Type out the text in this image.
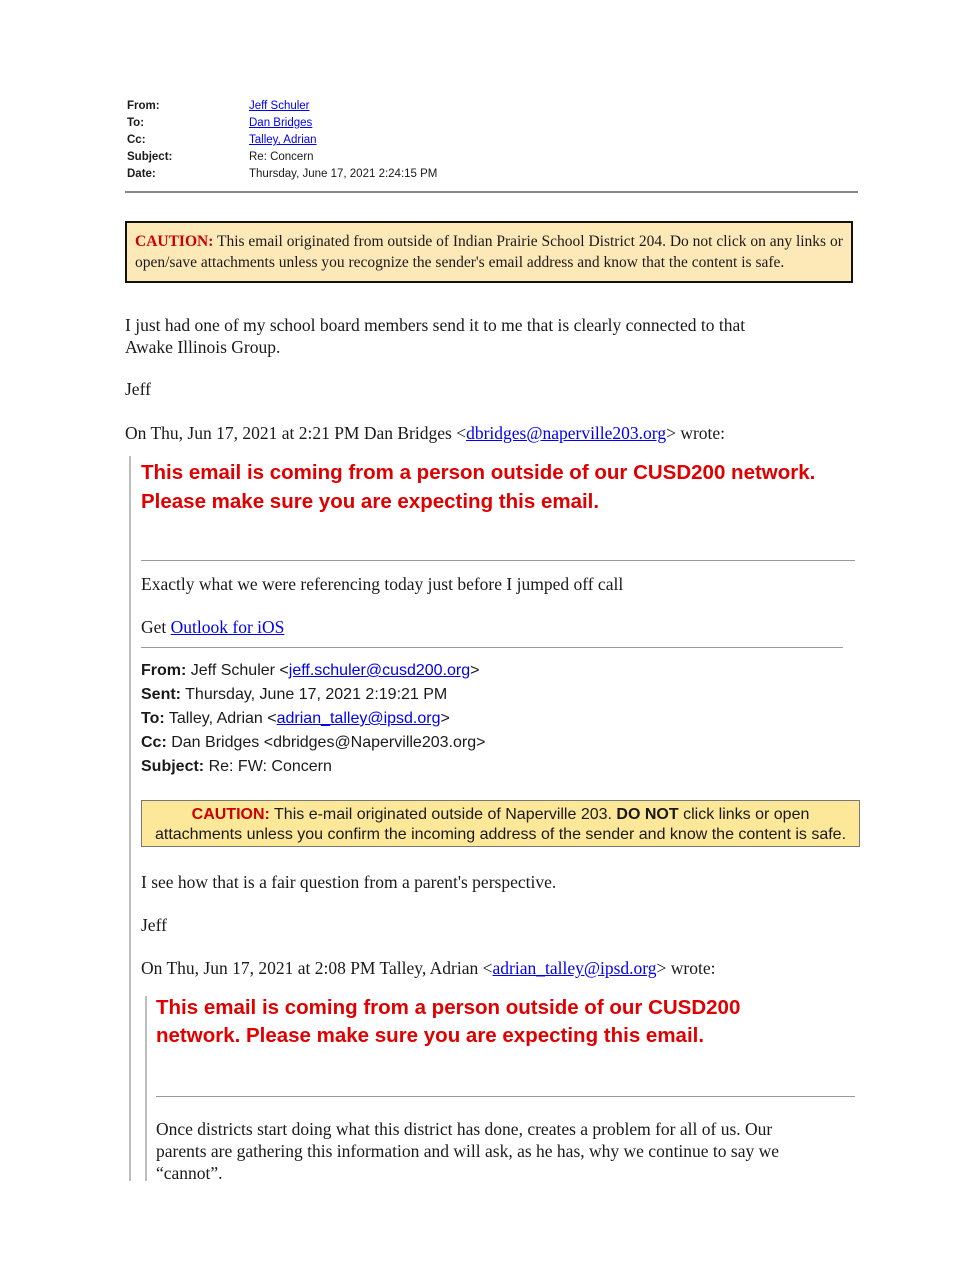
From:	Jeff Schuler
To:	Dan Bridges
Cc:	Talley, Adrian
Subject:	Re: Concern
Date:	Thursday, June 17, 2021 2:24:15 PM
CAUTION: This email originated from outside of Indian Prairie School District 204. Do not click on any links or open/save attachments unless you recognize the sender's email address and know that the content is safe.
I just had one of my school board members send it to me that is clearly connected to that
Awake Illinois Group.
Jeff
On Thu, Jun 17, 2021 at 2:21 PM Dan Bridges <dbridges@naperville203.org> wrote:
This email is coming from a person outside of our CUSD200 network.
Please make sure you are expecting this email.
Exactly what we were referencing today just before I jumped off call
Get Outlook for iOS
From: Jeff Schuler <jeff.schuler@cusd200.org>
Sent: Thursday, June 17, 2021 2:19:21 PM
To: Talley, Adrian <adrian_talley@ipsd.org>
Cc: Dan Bridges <dbridges@Naperville203.org>
Subject: Re: FW: Concern
CAUTION: This e-mail originated outside of Naperville 203. DO NOT click links or open
attachments unless you confirm the incoming address of the sender and know the content is safe.
I see how that is a fair question from a parent's perspective.
Jeff
On Thu, Jun 17, 2021 at 2:08 PM Talley, Adrian <adrian_talley@ipsd.org> wrote:
This email is coming from a person outside of our CUSD200
network. Please make sure you are expecting this email.
Once districts start doing what this district has done, creates a problem for all of us. Our
parents are gathering this information and will ask, as he has, why we continue to say we
“cannot”.
